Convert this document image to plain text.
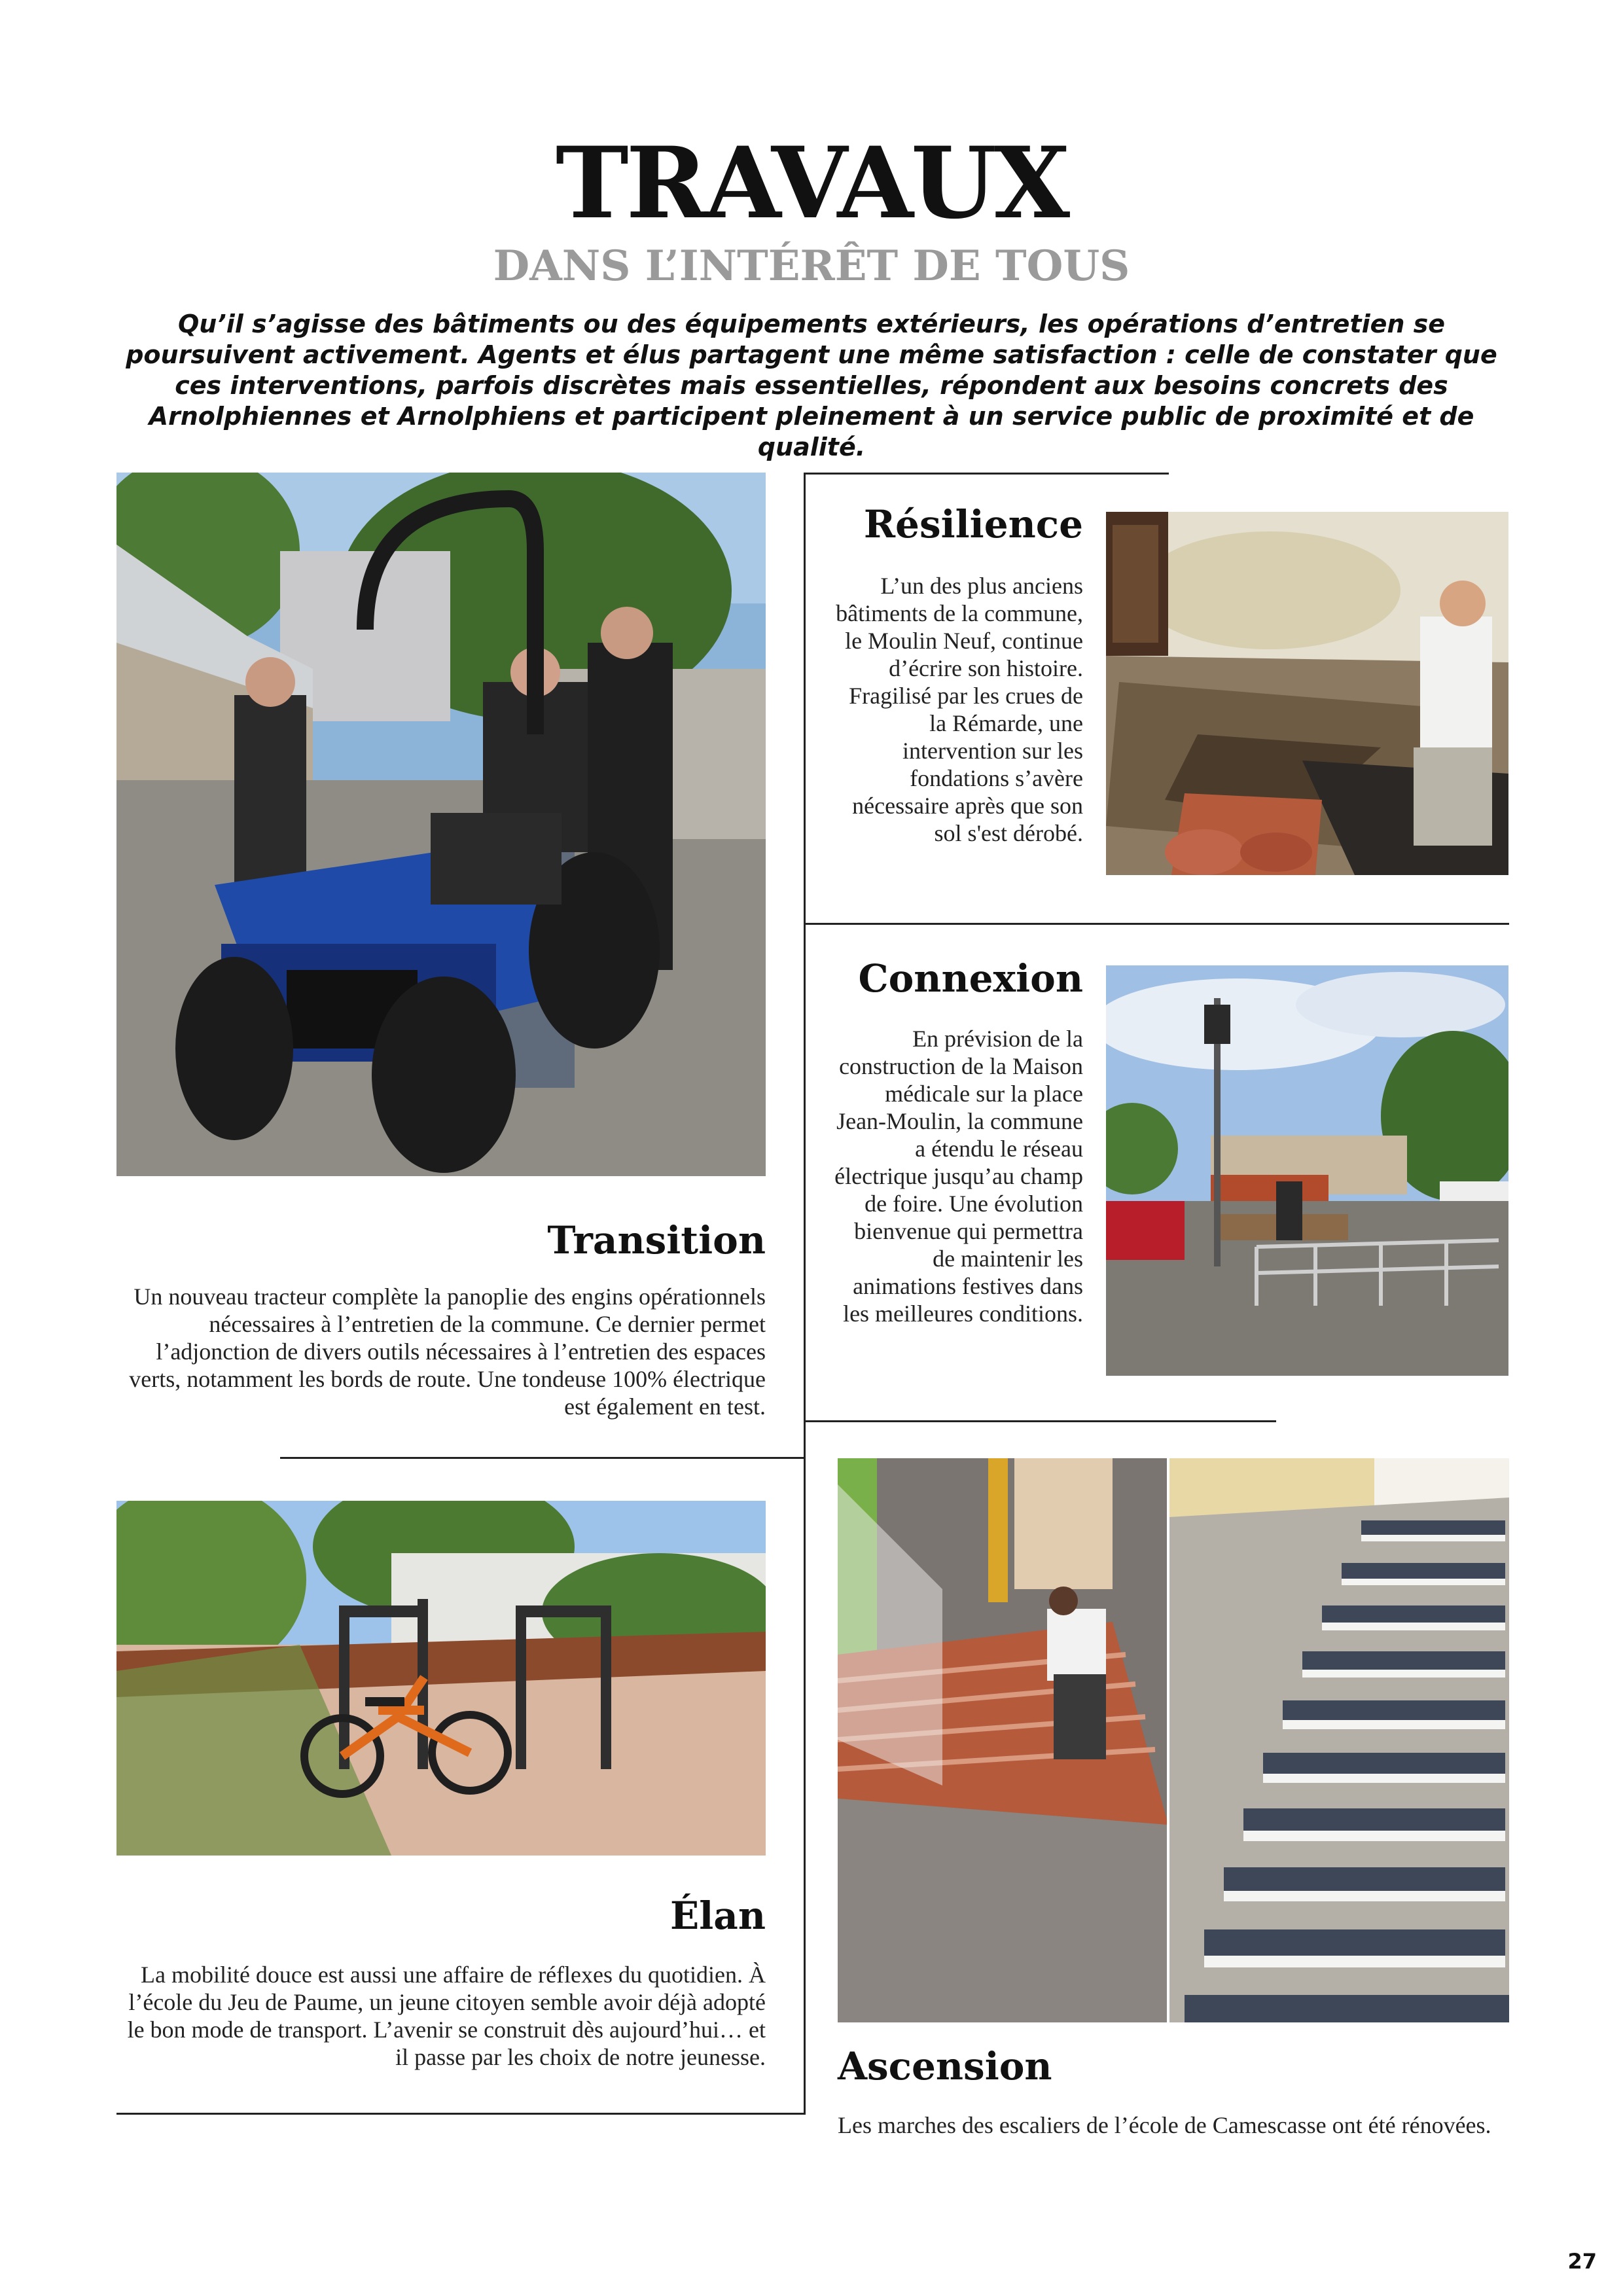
TRAVAUX
DANS L’INTÉRÊT DE TOUS
Qu’il s’agisse des bâtiments ou des équipements extérieurs, les opérations d’entretien se poursuivent activement. Agents et élus partagent une même satisfaction : celle de constater que ces interventions, parfois discrètes mais essentielles, répondent aux besoins concrets des Arnolphiennes et Arnolphiens et participent pleinement à un service public de proximité et de qualité.
Transition
Un nouveau tracteur complète la panoplie des engins opérationnels nécessaires à l’entretien de la commune. Ce dernier permet l’adjonction de divers outils nécessaires à l’entretien des espaces verts, notamment les bords de route. Une tondeuse 100% électrique est également en test.
Résilience
L’un des plus anciens bâtiments de la commune, le Moulin Neuf, continue d’écrire son histoire. Fragilisé par les crues de la Rémarde, une intervention sur les fondations s’avère nécessaire après que son sol s'est dérobé.
Connexion
En prévision de la construction de la Maison médicale sur la place Jean-Moulin, la commune a étendu le réseau électrique jusqu’au champ de foire. Une évolution bienvenue qui permettra de maintenir les animations festives dans les meilleures conditions.
Élan
La mobilité douce est aussi une affaire de réflexes du quotidien. À l’école du Jeu de Paume, un jeune citoyen semble avoir déjà adopté le bon mode de transport. L’avenir se construit dès aujourd’hui… et il passe par les choix de notre jeunesse. Ascension
Les marches des escaliers de l’école de Camescasse ont été rénovées.
27
